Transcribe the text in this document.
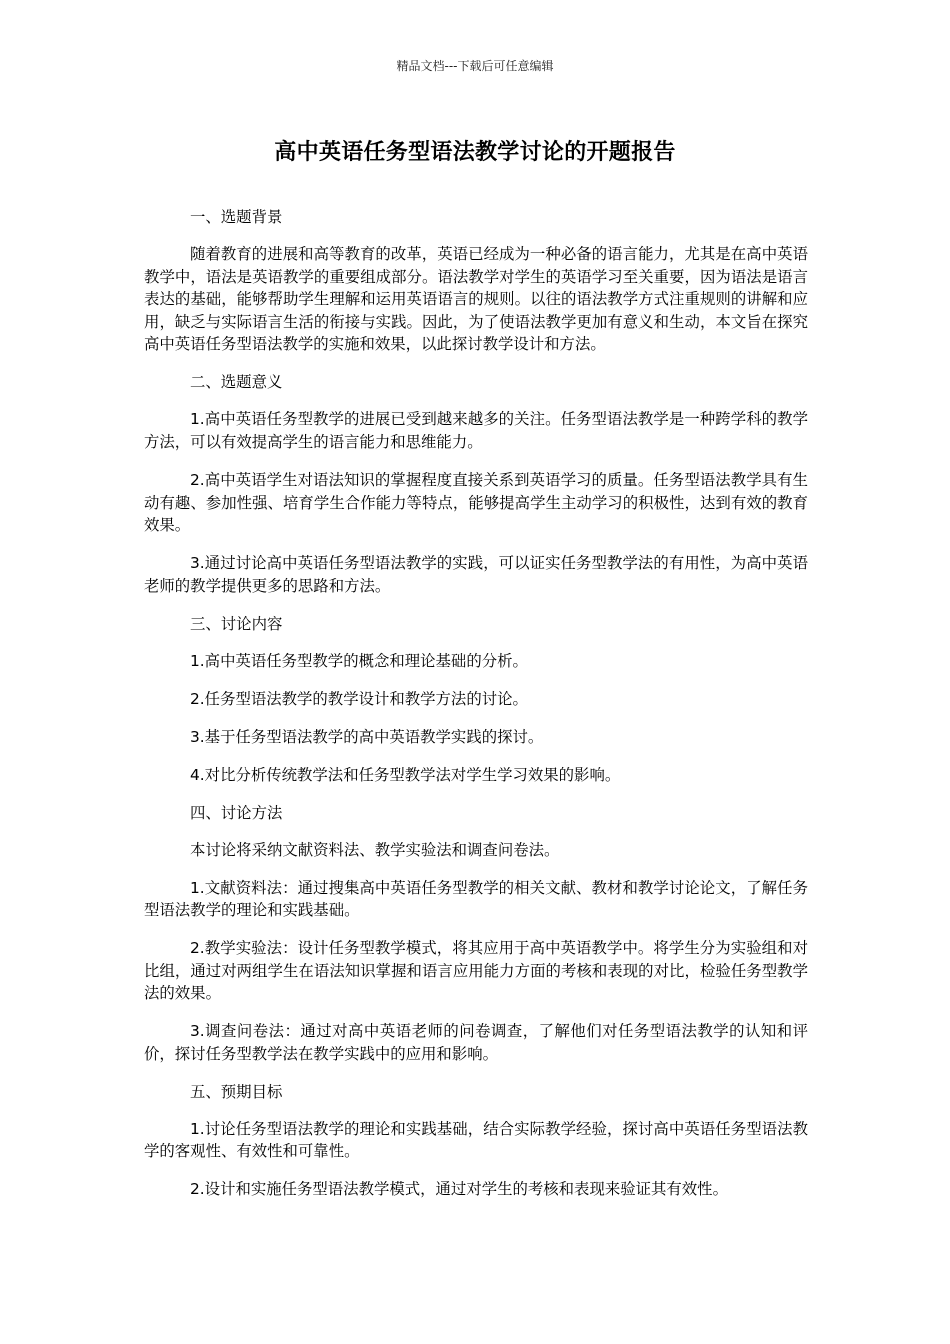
精品文档---下载后可任意编辑
高中英语任务型语法教学讨论的开题报告

一、选题背景

随着教育的进展和高等教育的改革，英语已经成为一种必备的语言能力，尤其是在高中英语教学中，语法是英语教学的重要组成部分。语法教学对学生的英语学习至关重要，因为语法是语言表达的基础，能够帮助学生理解和运用英语语言的规则。以往的语法教学方式注重规则的讲解和应用，缺乏与实际语言生活的衔接与实践。因此，为了使语法教学更加有意义和生动，本文旨在探究高中英语任务型语法教学的实施和效果，以此探讨教学设计和方法。

二、选题意义

1.高中英语任务型教学的进展已受到越来越多的关注。任务型语法教学是一种跨学科的教学方法，可以有效提高学生的语言能力和思维能力。

2.高中英语学生对语法知识的掌握程度直接关系到英语学习的质量。任务型语法教学具有生动有趣、参加性强、培育学生合作能力等特点，能够提高学生主动学习的积极性，达到有效的教育效果。

3.通过讨论高中英语任务型语法教学的实践，可以证实任务型教学法的有用性，为高中英语老师的教学提供更多的思路和方法。

三、讨论内容

1.高中英语任务型教学的概念和理论基础的分析。

2.任务型语法教学的教学设计和教学方法的讨论。

3.基于任务型语法教学的高中英语教学实践的探讨。

4.对比分析传统教学法和任务型教学法对学生学习效果的影响。

四、讨论方法

本讨论将采纳文献资料法、教学实验法和调查问卷法。

1.文献资料法：通过搜集高中英语任务型教学的相关文献、教材和教学讨论论文，了解任务型语法教学的理论和实践基础。

2.教学实验法：设计任务型教学模式，将其应用于高中英语教学中。将学生分为实验组和对比组，通过对两组学生在语法知识掌握和语言应用能力方面的考核和表现的对比，检验任务型教学法的效果。

3.调查问卷法：通过对高中英语老师的问卷调查，了解他们对任务型语法教学的认知和评价，探讨任务型教学法在教学实践中的应用和影响。

五、预期目标

1.讨论任务型语法教学的理论和实践基础，结合实际教学经验，探讨高中英语任务型语法教学的客观性、有效性和可靠性。

2.设计和实施任务型语法教学模式，通过对学生的考核和表现来验证其有效性。
